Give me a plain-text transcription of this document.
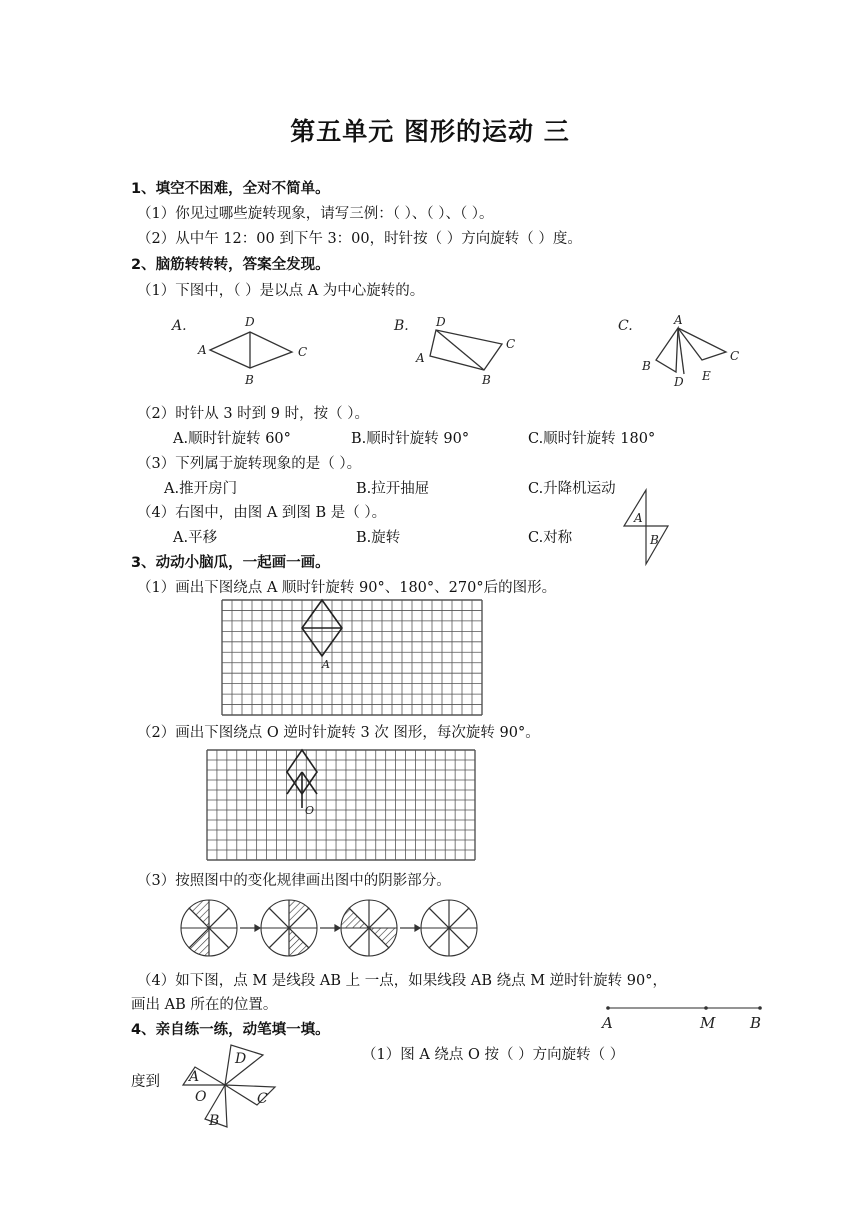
第五单元 图形的运动 三
1、填空不困难，全对不简单。
（1）你见过哪些旋转现象，请写三例：（ ）、（ ）、（ ）。
（2）从中午 12：00 到下午 3：00，时针按（ ）方向旋转（ ）度。
2、脑筋转转转，答案全发现。
（1）下图中，（ ）是以点 A 为中心旋转的。
A.	D
A	C
B
B. D
C
A
B
C.	A
C
B
D E
（2）时针从 3 时到 9 时，按（ ）。
A.顺时针旋转 60°	B.顺时针旋转 90°	C.顺时针旋转 180°
（3）下列属于旋转现象的是（ ）。
A.推开房门	B.拉开抽屉	C.升降机运动
（4）右图中，由图 A 到图 B 是（ ）。
A.平移	B.旋转	C.对称
A
B
3、动动小脑瓜，一起画一画。
（1）画出下图绕点 A 顺时针旋转 90°、180°、270°后的图形。
A
（2）画出下图绕点 O 逆时针旋转 3 次 图形，每次旋转 90°。
O
（3）按照图中的变化规律画出图中的阴影部分。
（4）如下图，点 M 是线段 AB 上 一点，如果线段 AB 绕点 M 逆时针旋转 90°，
画出 AB 所在的位置。
A	M B
4、亲自练一练，动笔填一填。
（1）图 A 绕点 O 按（ ）方向旋转（ ）
度到 A
D
C
B
O
